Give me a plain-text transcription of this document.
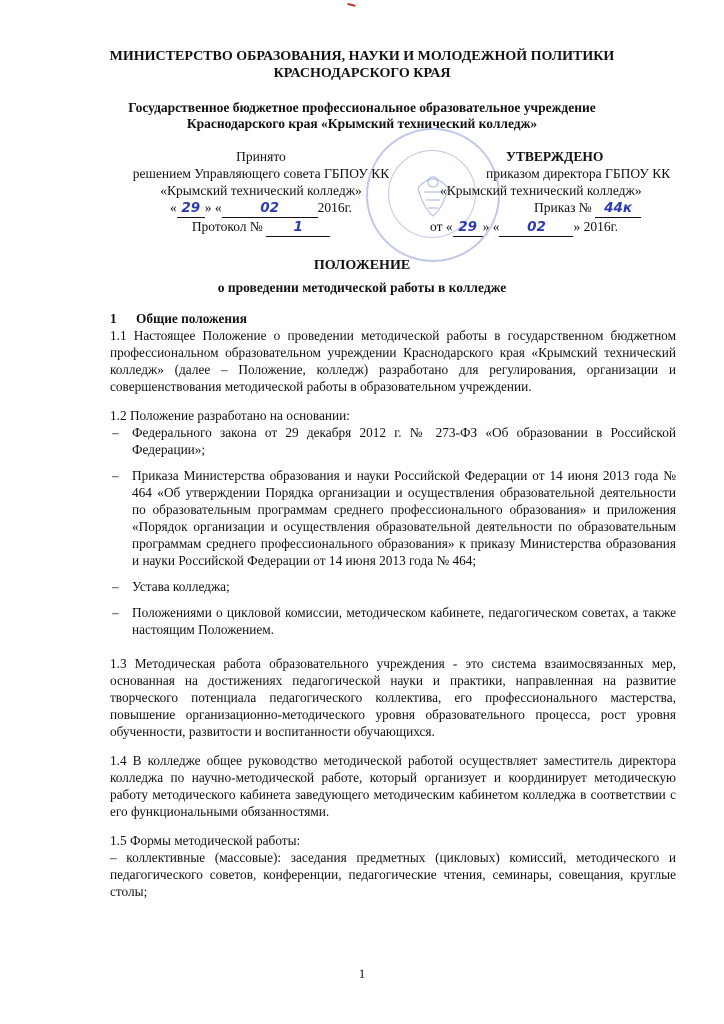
МИНИСТЕРСТВО ОБРАЗОВАНИЯ, НАУКИ И МОЛОДЕЖНОЙ ПОЛИТИКИ
КРАСНОДАРСКОГО КРАЯ
Государственное бюджетное профессиональное образовательное учреждение
Краснодарского края «Крымский технический колледж»
Принято
решением Управляющего совета ГБПОУ КК
«Крымский технический колледж»
« 29 » «	02	2016г.
Протокол № 1
УТВЕРЖДЕНО
приказом директора ГБПОУ КК
«Крымский технический колледж»
Приказ № 44к
от « 29 » « 02 » 2016г.
ПОЛОЖЕНИЕ
о проведении методической работы в колледже
1 Общие положения

1.1 Настоящее Положение о проведении методической работы в государственном бюджетном профессиональном образовательном учреждении Краснодарского края «Крымский технический колледж» (далее – Положение, колледж) разработано для регулирования, организации и совершенствования методической работы в образовательном учреждении.

1.2 Положение разработано на основании:

– Федерального закона от 29 декабря 2012 г. № 273-ФЗ «Об образовании в Российской Федерации»;
– Приказа Министерства образования и науки Российской Федерации от 14 июня 2013 года № 464 «Об утверждении Порядка организации и осуществления образовательной деятельности по образовательным программам среднего профессионального образования» и приложения «Порядок организации и осуществления образовательной деятельности по образовательным программам среднего профессионального образования» к приказу Министерства образования и науки Российской Федерации от 14 июня 2013 года № 464;
– Устава колледжа;
– Положениями о цикловой комиссии, методическом кабинете, педагогическом советах, а также настоящим Положением.

1.3 Методическая работа образовательного учреждения - это система взаимосвязанных мер, основанная на достижениях педагогической науки и практики, направленная на развитие творческого потенциала педагогического коллектива, его профессионального мастерства, повышение организационно-методического уровня образовательного процесса, рост уровня обученности, развитости и воспитанности обучающихся.

1.4 В колледже общее руководство методической работой осуществляет заместитель директора колледжа по научно-методической работе, который организует и координирует методическую работу методического кабинета заведующего методическим кабинетом колледжа в соответствии с его функциональными обязанностями.

1.5 Формы методической работы:

– коллективные (массовые): заседания предметных (цикловых) комиссий, методического и педагогического советов, конференции, педагогические чтения, семинары, совещания, круглые столы;

1
